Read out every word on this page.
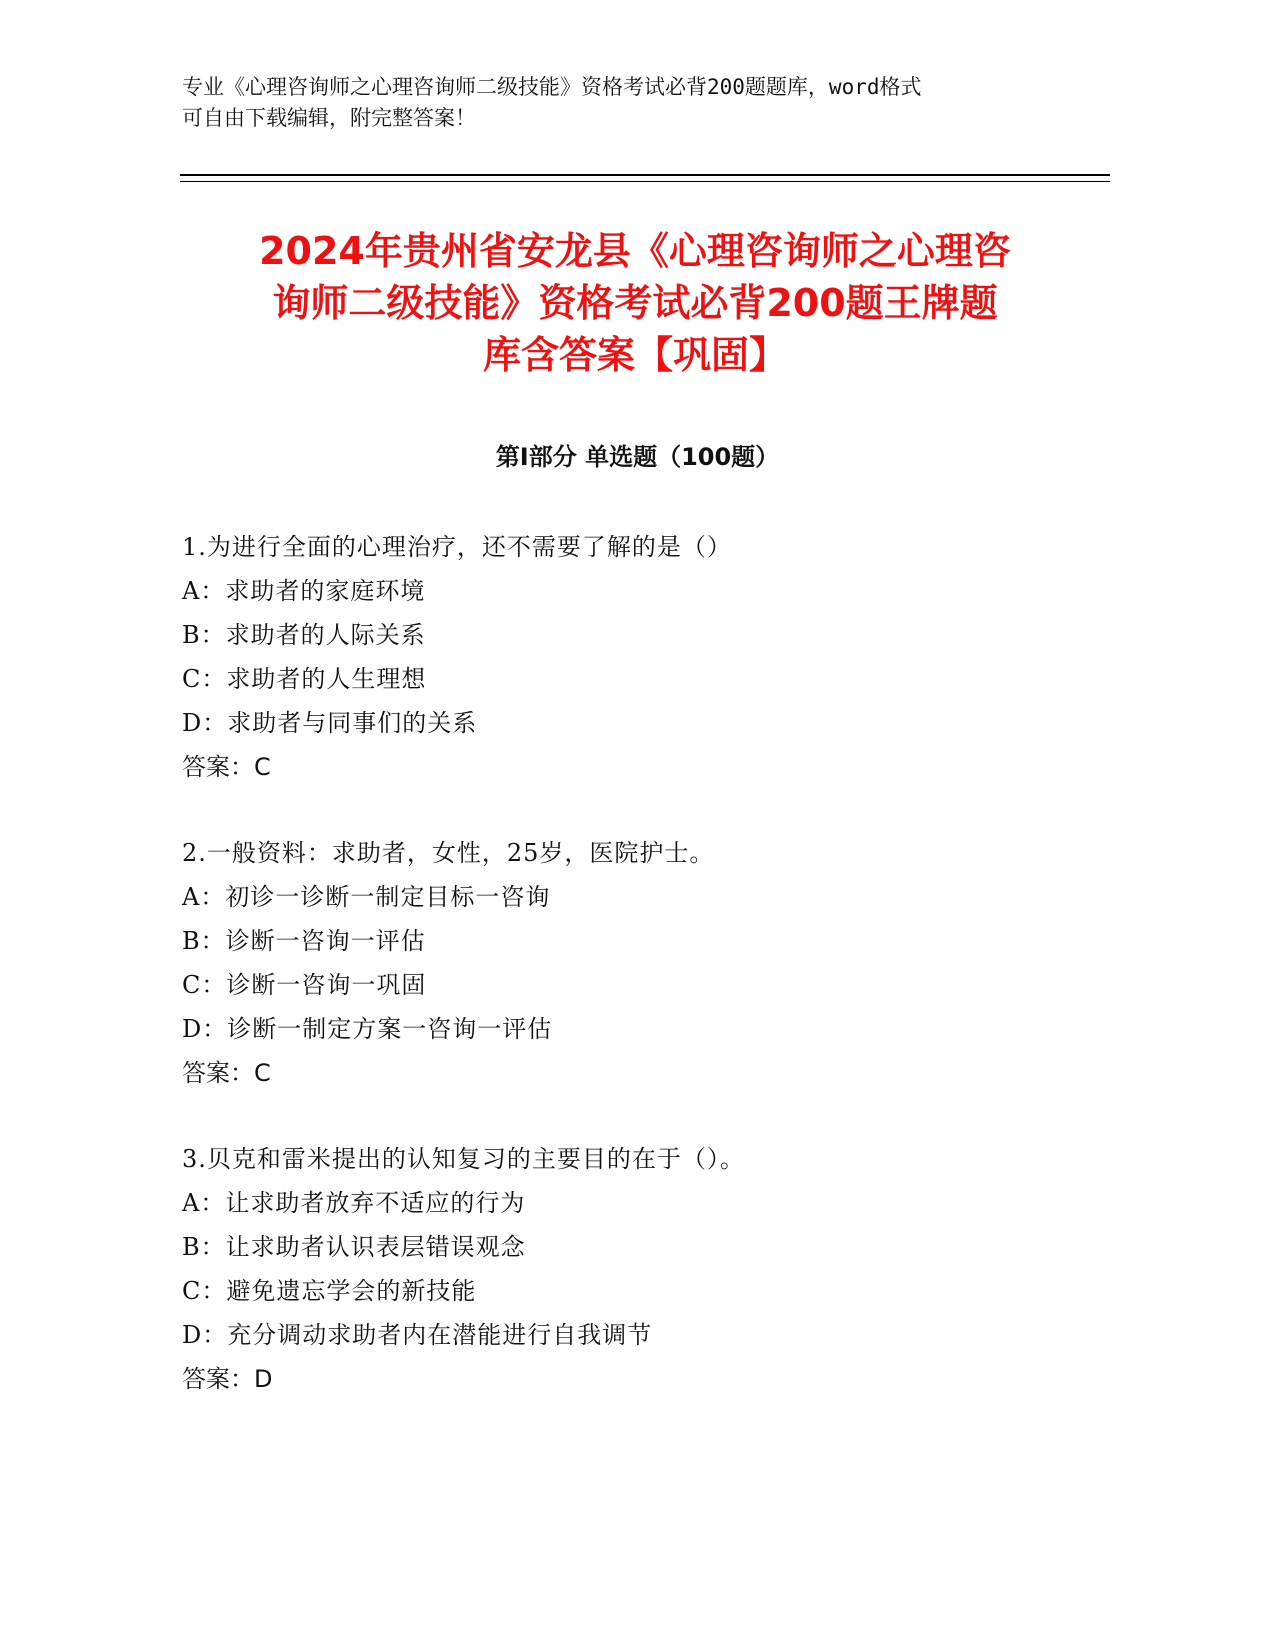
专业《心理咨询师之心理咨询师二级技能》资格考试必背200题题库，word格式
可自由下载编辑，附完整答案！
2024年贵州省安龙县《心理咨询师之心理咨
询师二级技能》资格考试必背200题王牌题
库含答案【巩固】
第Ⅰ部分 单选题（100题）
1.为进行全面的心理治疗，还不需要了解的是（）
A：求助者的家庭环境
B：求助者的人际关系
C：求助者的人生理想
D：求助者与同事们的关系
答案：C
2.一般资料：求助者，女性，25岁，医院护士。
A：初诊一诊断一制定目标一咨询
B：诊断一咨询一评估
C：诊断一咨询一巩固
D：诊断一制定方案一咨询一评估
答案：C
3.贝克和雷米提出的认知复习的主要目的在于（）。
A：让求助者放弃不适应的行为
B：让求助者认识表层错误观念
C：避免遗忘学会的新技能
D：充分调动求助者内在潜能进行自我调节
答案：D
